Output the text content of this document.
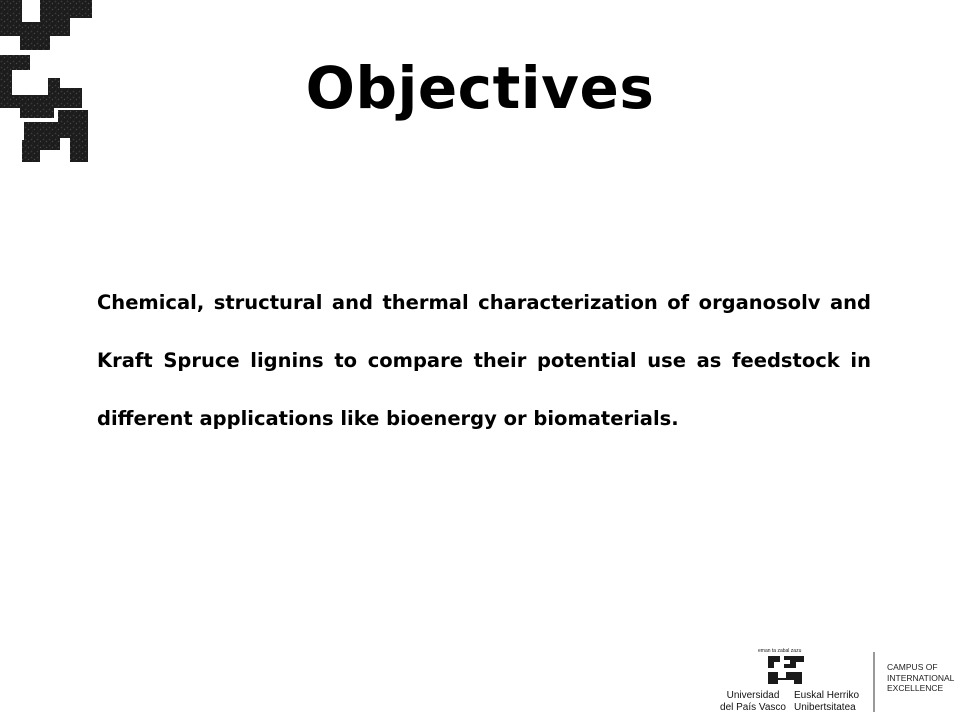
Objectives

Chemical, structural and thermal characterization of organosolv and Kraft Spruce lignins to compare their potential use as feedstock in different applications like bioenergy or biomaterials.

eman ta zabal zazu
Universidad
del País Vasco
Euskal Herriko
Unibertsitatea
CAMPUS OF
INTERNATIONAL
EXCELLENCE
